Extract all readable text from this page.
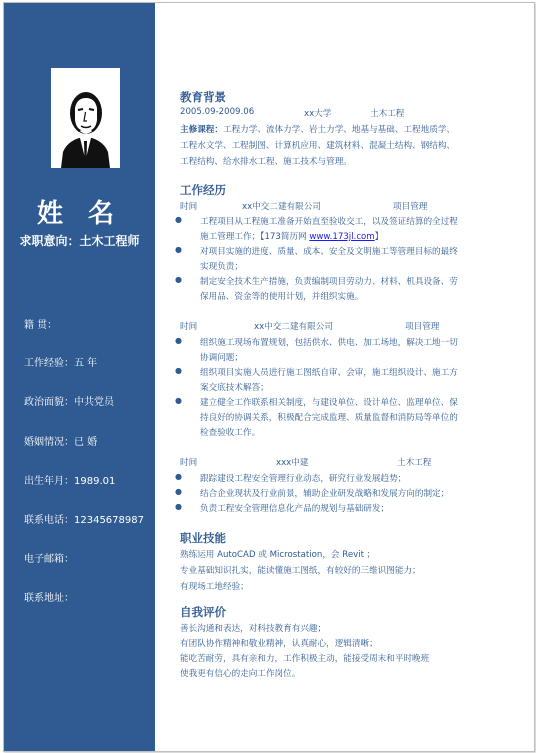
姓 名
求职意向：土木工程师
籍 贯：
工作经验：五 年
政治面貌：中共党员
婚姻情况：已 婚
出生年月：1989.01
联系电话：12345678987
电子邮箱：
联系地址：
教育背景
2005.09-2009.06	xx大学	土木工程
主修课程：工程力学、流体力学、岩土力学、地基与基础、工程地质学、
工程水文学、工程制图、计算机应用、建筑材料、混凝土结构、钢结构、
工程结构、给水排水工程、施工技术与管理。
工作经历
时间	xx中交二建有限公司	项目管理
● 工程项目从工程施工准备开始直至验收交工，以及签证结算的全过程
施工管理工作；【173简历网 www.173jl.com】
● 对项目实施的进度、质量、成本、安全及文明施工等管理目标的最终
实现负责；
● 制定安全技术生产措施，负责编制项目劳动力、材料、机具设备、劳
保用品、资金等的使用计划，并组织实施。
时间	xx中交二建有限公司	项目管理
● 组织施工现场布置规划，包括供水、供电、加工场地，解决工地一切
协调问题；
● 组织项目实施人员进行施工图纸自审、会审，施工组织设计、施工方
案交底技术解答；
● 建立健全工作联系相关制度，与建设单位、设计单位、监理单位、保
持良好的协调关系，积极配合完成监理、质量监督和消防局等单位的
检查验收工作。
时间	xxx中建	土木工程
● 跟踪建设工程安全管理行业动态，研究行业发展趋势；
● 结合企业现状及行业前景，辅助企业研发战略和发展方向的制定；
● 负责工程安全管理信息化产品的规划与基础研发；
职业技能
熟练运用 AutoCAD 或 Microstation，会 Revit ；
专业基础知识扎实，能读懂施工图纸，有较好的三维识图能力；
有现场工地经验；
自我评价
善长沟通和表达，对科技教育有兴趣；
有团队协作精神和敬业精神，认真耐心，逻辑清晰；
能吃苦耐劳，具有亲和力，工作积极主动，能接受周末和平时晚班
使我更有信心的走向工作岗位。
